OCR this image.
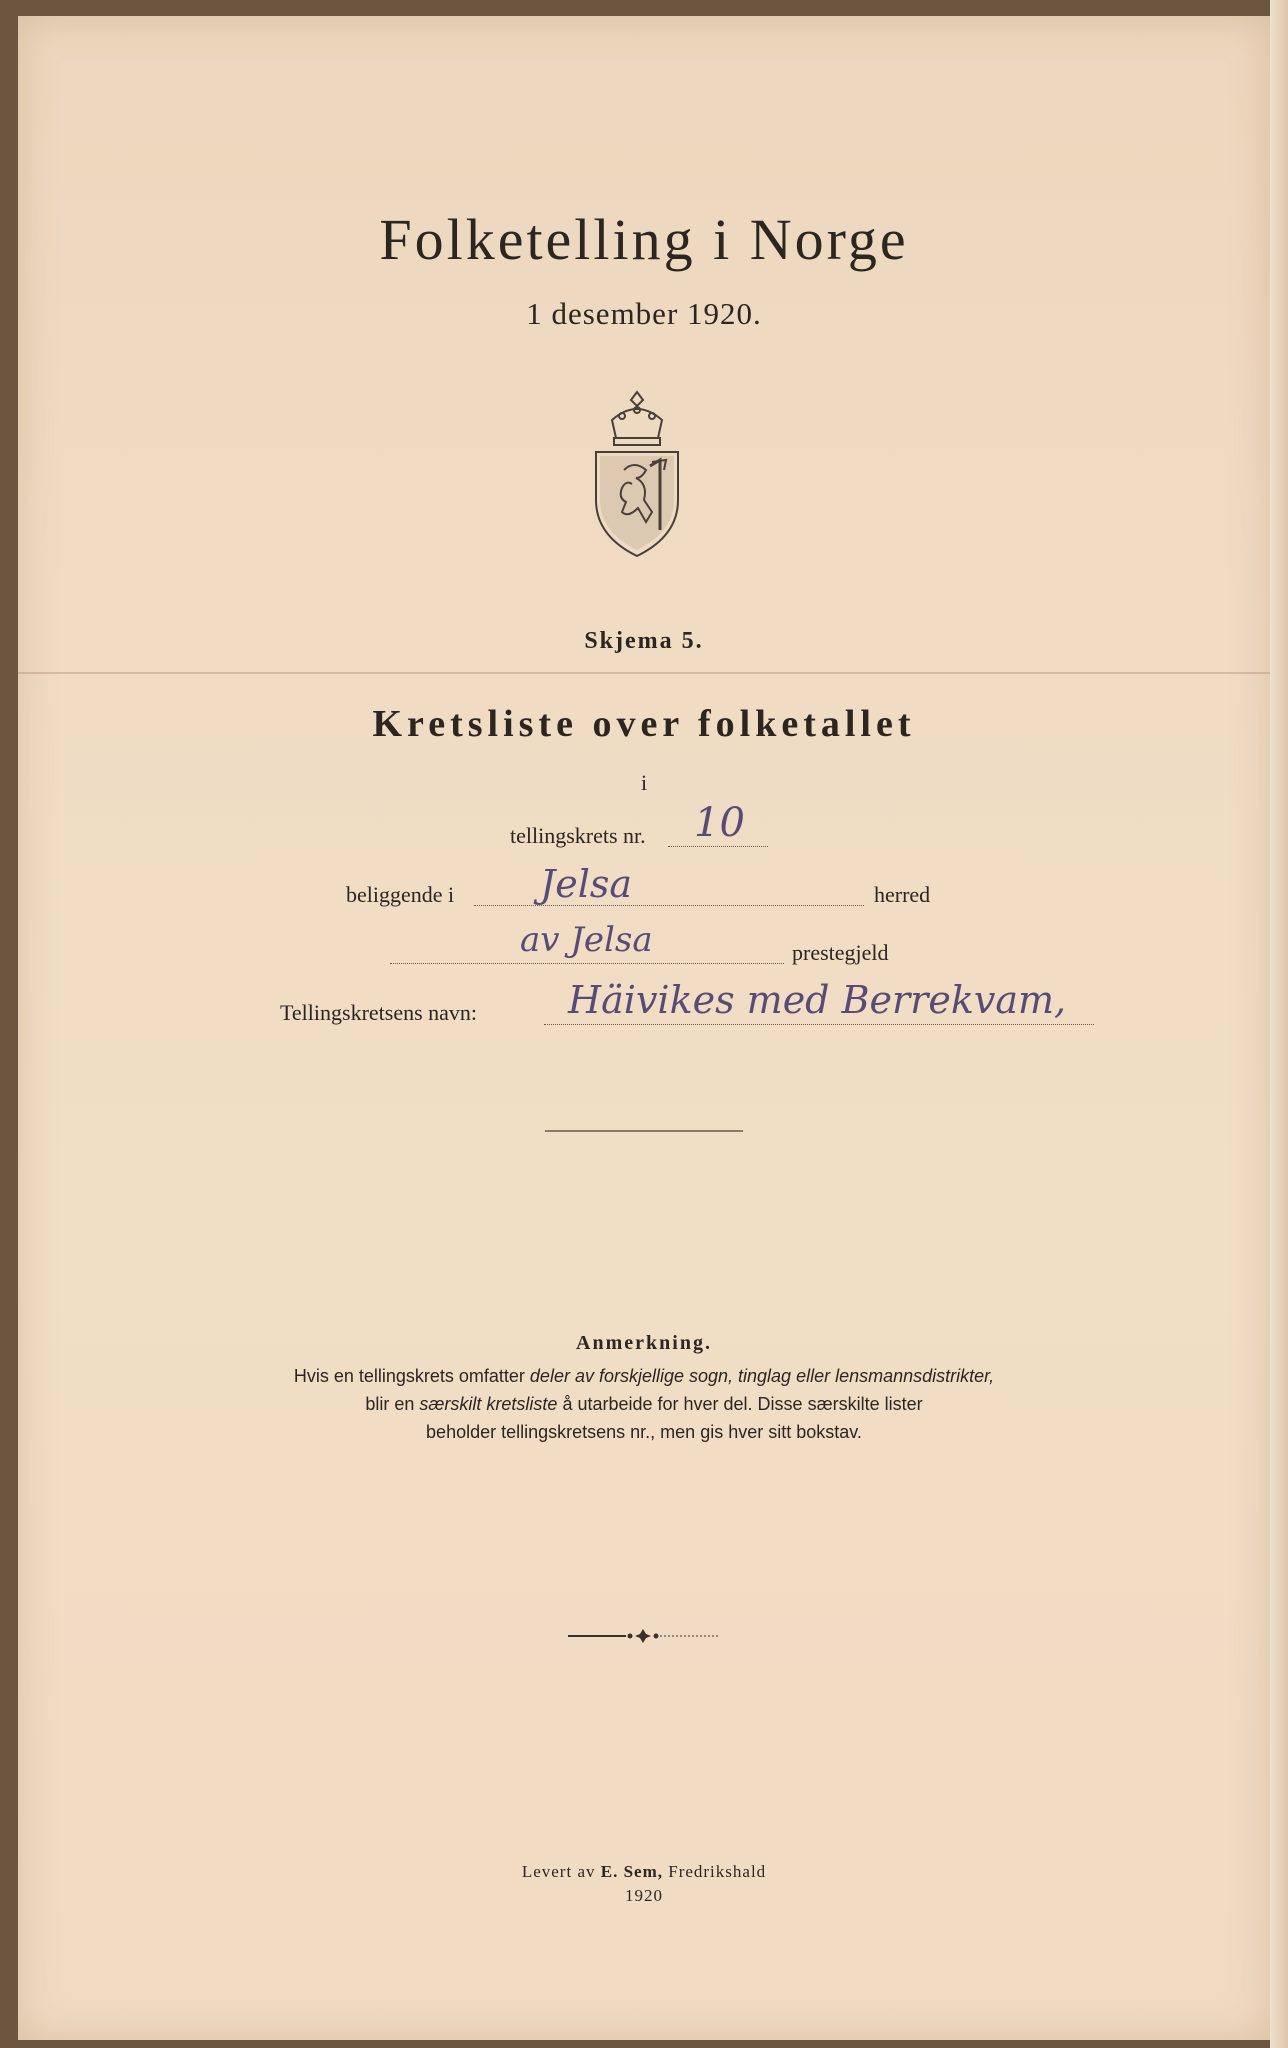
Folketelling i Norge
1 desember 1920.
Skjema 5.
Kretsliste over folketallet
i
tellingskrets nr. 10
beliggende i Jelsa	herred
av Jelsa	prestegjeld
Tellingskretsens navn: Häivikes med Berrekvam,
Anmerkning.
Hvis en tellingskrets omfatter deler av forskjellige sogn, tinglag eller lensmannsdistrikter,
blir en særskilt kretsliste å utarbeide for hver del. Disse særskilte lister
beholder tellingskretsens nr., men gis hver sitt bokstav.
Levert av E. Sem, Fredrikshald
1920
